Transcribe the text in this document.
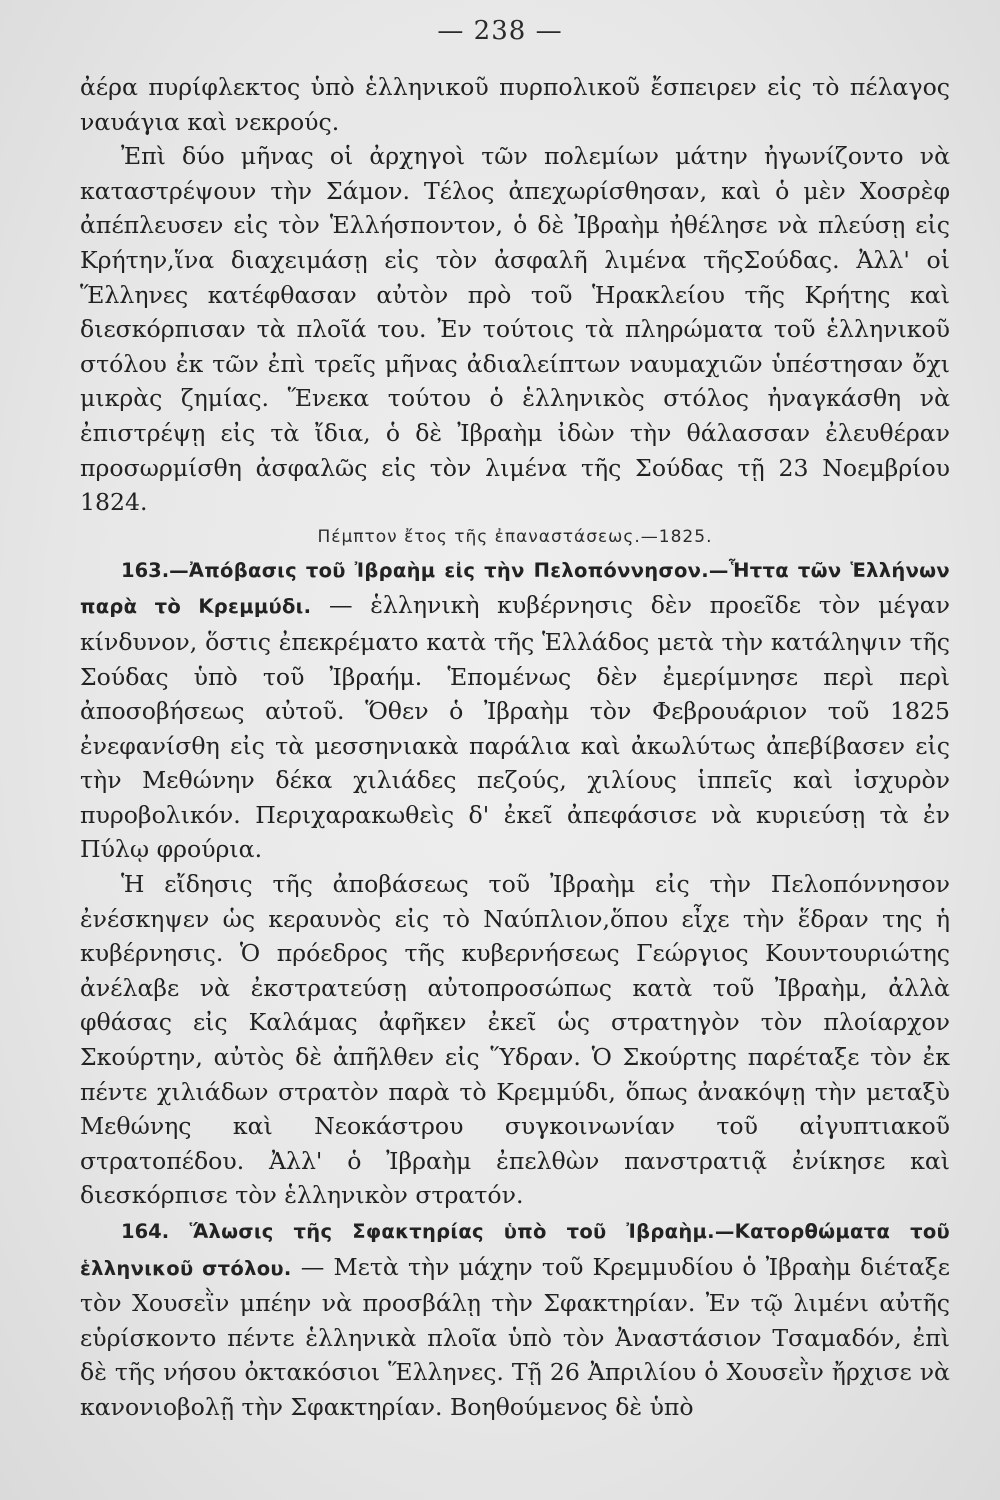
— 238 —

ἀέρα πυρίφλεκτος ὑπὸ ἑλληνικοῦ πυρπολικοῦ ἔσπειρεν εἰς τὸ πέλαγος ναυάγια καὶ νεκρούς.

Ἐπὶ δύο μῆνας οἱ ἀρχηγοὶ τῶν πολεμίων μάτην ἠγωνίζοντο νὰ καταστρέψουν τὴν Σάμον. Τέλος ἀπεχωρίσθησαν, καὶ ὁ μὲν Χοσρὲφ ἀπέπλευσεν εἰς τὸν Ἑλλήσποντον, ὁ δὲ Ἰβραὴμ ἠθέλησε νὰ πλεύσῃ εἰς Κρήτην,ἵνα διαχειμάσῃ εἰς τὸν ἀσφαλῆ λιμένα τῆςΣούδας. Ἀλλ' οἱ Ἕλληνες κατέφθασαν αὐτὸν πρὸ τοῦ Ἡρακλείου τῆς Κρήτης καὶ διεσκόρπισαν τὰ πλοῖά του. Ἐν τούτοις τὰ πληρώματα τοῦ ἑλληνικοῦ στόλου ἐκ τῶν ἐπὶ τρεῖς μῆνας ἀδιαλείπτων ναυμαχιῶν ὑπέστησαν ὄχι μικρὰς ζημίας. Ἕνεκα τούτου ὁ ἑλληνικὸς στόλος ἠναγκάσθη νὰ ἐπιστρέψῃ εἰς τὰ ἴδια, ὁ δὲ Ἰβραὴμ ἰδὼν τὴν θάλασσαν ἐλευθέραν προσωρμίσθη ἀσφαλῶς εἰς τὸν λιμένα τῆς Σούδας τῇ 23 Νοεμβρίου 1824.

Πέμπτον ἔτος τῆς ἐπαναστάσεως.—1825.

163.—Ἀπόβασις τοῦ Ἰβραὴμ εἰς τὴν Πελοπόννησον.—Ἧττα τῶν Ἑλλήνων παρὰ τὸ Κρεμμύδι. — ἑλληνικὴ κυβέρνησις δὲν προεῖδε τὸν μέγαν κίνδυνον, ὅστις ἐπεκρέματο κατὰ τῆς Ἑλλάδος μετὰ τὴν κατάληψιν τῆς Σούδας ὑπὸ τοῦ Ἰβραήμ. Ἑπομένως δὲν ἐμερίμνησε περὶ περὶ ἀποσοβήσεως αὐτοῦ. Ὅθεν ὁ Ἰβραὴμ τὸν Φεβρουάριον τοῦ 1825 ἐνεφανίσθη εἰς τὰ μεσσηνιακὰ παράλια καὶ ἀκωλύτως ἀπεβίβασεν εἰς τὴν Μεθώνην δέκα χιλιάδες πεζούς, χιλίους ἱππεῖς καὶ ἰσχυρὸν πυροβολικόν. Περιχαρακωθεὶς δ' ἐκεῖ ἀπεφάσισε νὰ κυριεύσῃ τὰ ἐν Πύλῳ φρούρια.

Ἡ εἴδησις τῆς ἀποβάσεως τοῦ Ἰβραὴμ εἰς τὴν Πελοπόννησον ἐνέσκηψεν ὡς κεραυνὸς εἰς τὸ Ναύπλιον,ὅπου εἶχε τὴν ἕδραν της ἡ κυβέρνησις. Ὁ πρόεδρος τῆς κυβερνήσεως Γεώργιος Κουντουριώτης ἀνέλαβε νὰ ἐκστρατεύσῃ αὐτοπροσώπως κατὰ τοῦ Ἰβραὴμ, ἀλλὰ φθάσας εἰς Καλάμας ἀφῆκεν ἐκεῖ ὡς στρατηγὸν τὸν πλοίαρχον Σκούρτην, αὐτὸς δὲ ἀπῆλθεν εἰς Ὕδραν. Ὁ Σκούρτης παρέταξε τὸν ἐκ πέντε χιλιάδων στρατὸν παρὰ τὸ Κρεμμύδι, ὅπως ἀνακόψῃ τὴν μεταξὺ Μεθώνης καὶ Νεοκάστρου συγκοινωνίαν τοῦ αἰγυπτιακοῦ στρατοπέδου. Ἀλλ' ὁ Ἰβραὴμ ἐπελθὼν πανστρατιᾷ ἐνίκησε καὶ διεσκόρπισε τὸν ἑλληνικὸν στρατόν.

164. Ἅλωσις τῆς Σφακτηρίας ὑπὸ τοῦ Ἰβραὴμ.—Κατορθώματα τοῦ ἑλληνικοῦ στόλου. — Μετὰ τὴν μάχην τοῦ Κρεμμυδίου ὁ Ἰβραὴμ διέταξε τὸν Χουσεῒν μπέην νὰ προσβάλῃ τὴν Σφακτηρίαν. Ἐν τῷ λιμένι αὐτῆς εὑρίσκοντο πέντε ἑλληνικὰ πλοῖα ὑπὸ τὸν Ἀναστάσιον Τσαμαδόν, ἐπὶ δὲ τῆς νήσου ὀκτακόσιοι Ἕλληνες. Τῇ 26 Ἀπριλίου ὁ Χουσεῒν ἤρχισε νὰ κανονιοβολῇ τὴν Σφακτηρίαν. Βοηθούμενος δὲ ὑπὸ
